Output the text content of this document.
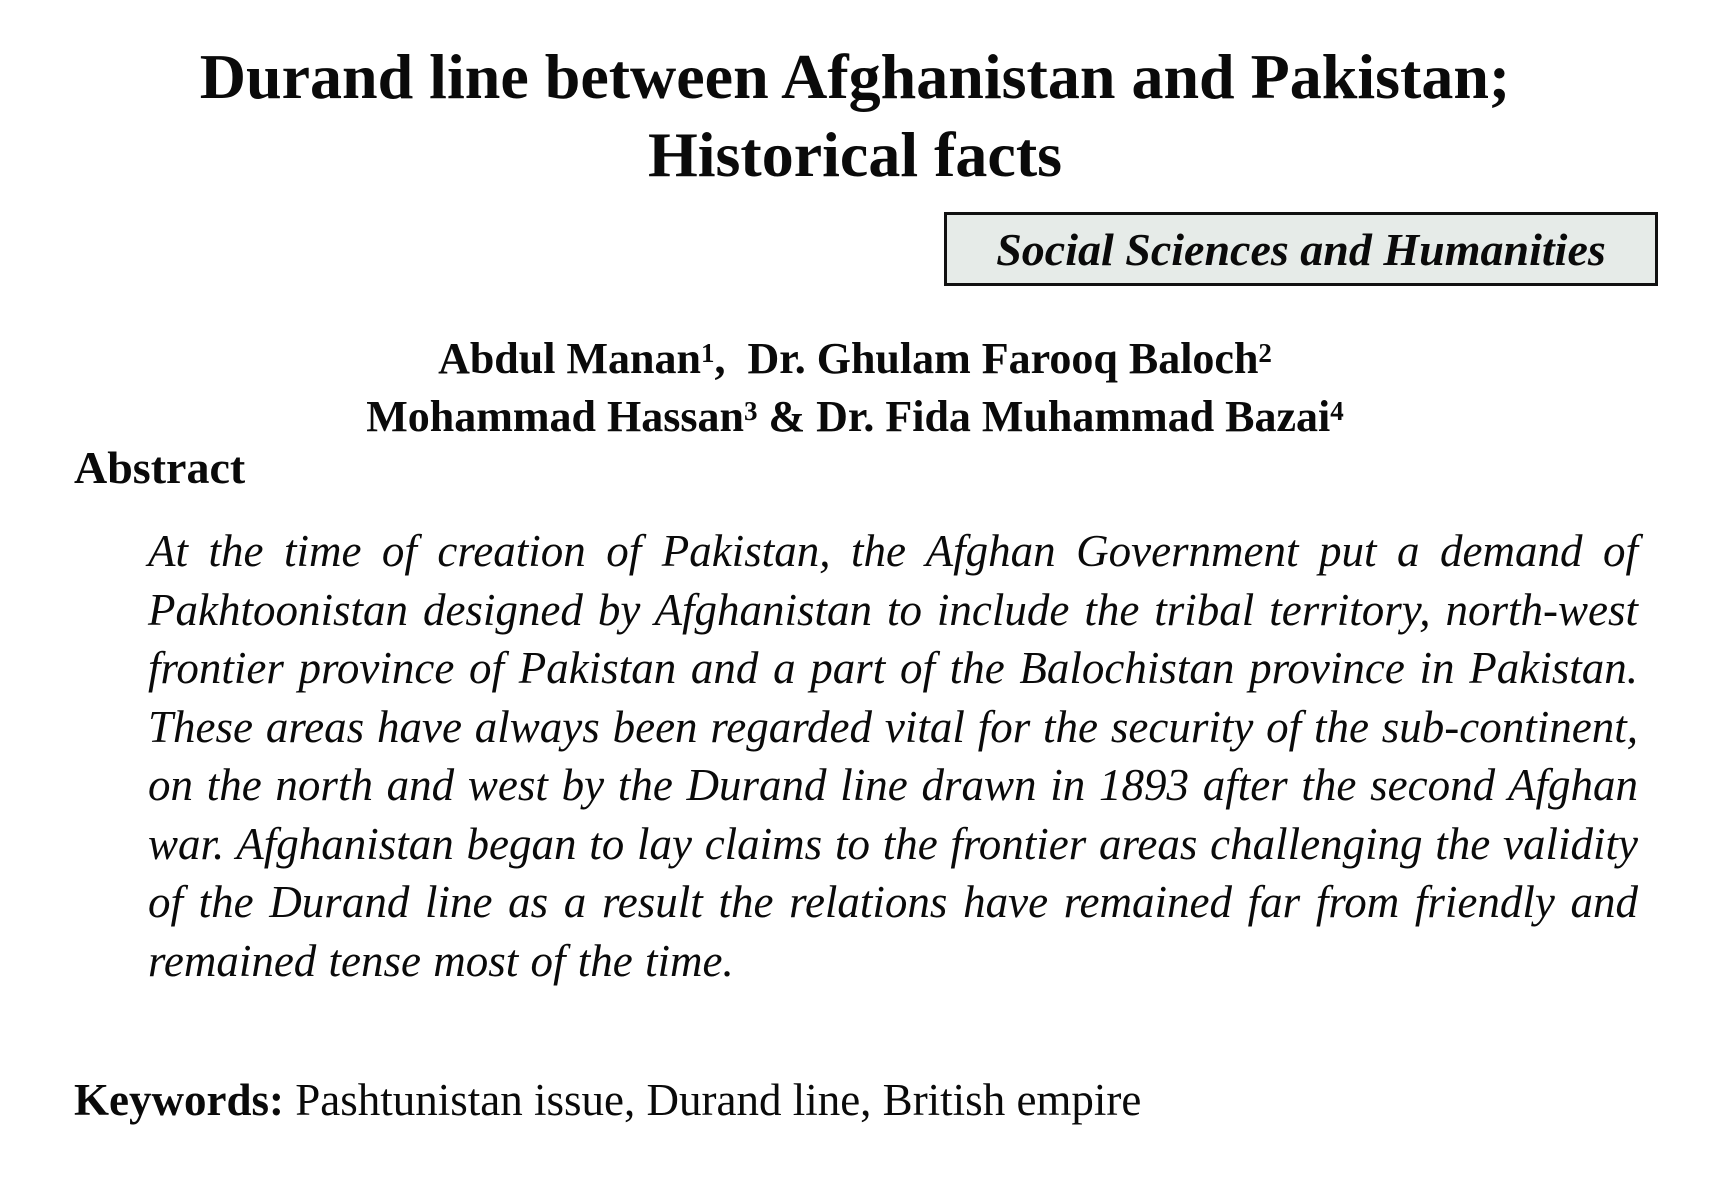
Durand line between Afghanistan and Pakistan;
Historical facts
Social Sciences and Humanities
Abdul Manan$^1$,  Dr. Ghulam Farooq Baloch$^2$
Mohammad Hassan$^3$ & Dr. Fida Muhammad Bazai$^4$
Abstract

At the time of creation of Pakistan, the Afghan Government put a demand of Pakhtoonistan designed by Afghanistan to include the tribal territory, north-west frontier province of Pakistan and a part of the Balochistan province in Pakistan. These areas have always been regarded vital for the security of the sub-continent, on the north and west by the Durand line drawn in 1893 after the second Afghan war. Afghanistan began to lay claims to the frontier areas challenging the validity of the Durand line as a result the relations have remained far from friendly and remained tense most of the time.

Keywords: Pashtunistan issue, Durand line, British empire
